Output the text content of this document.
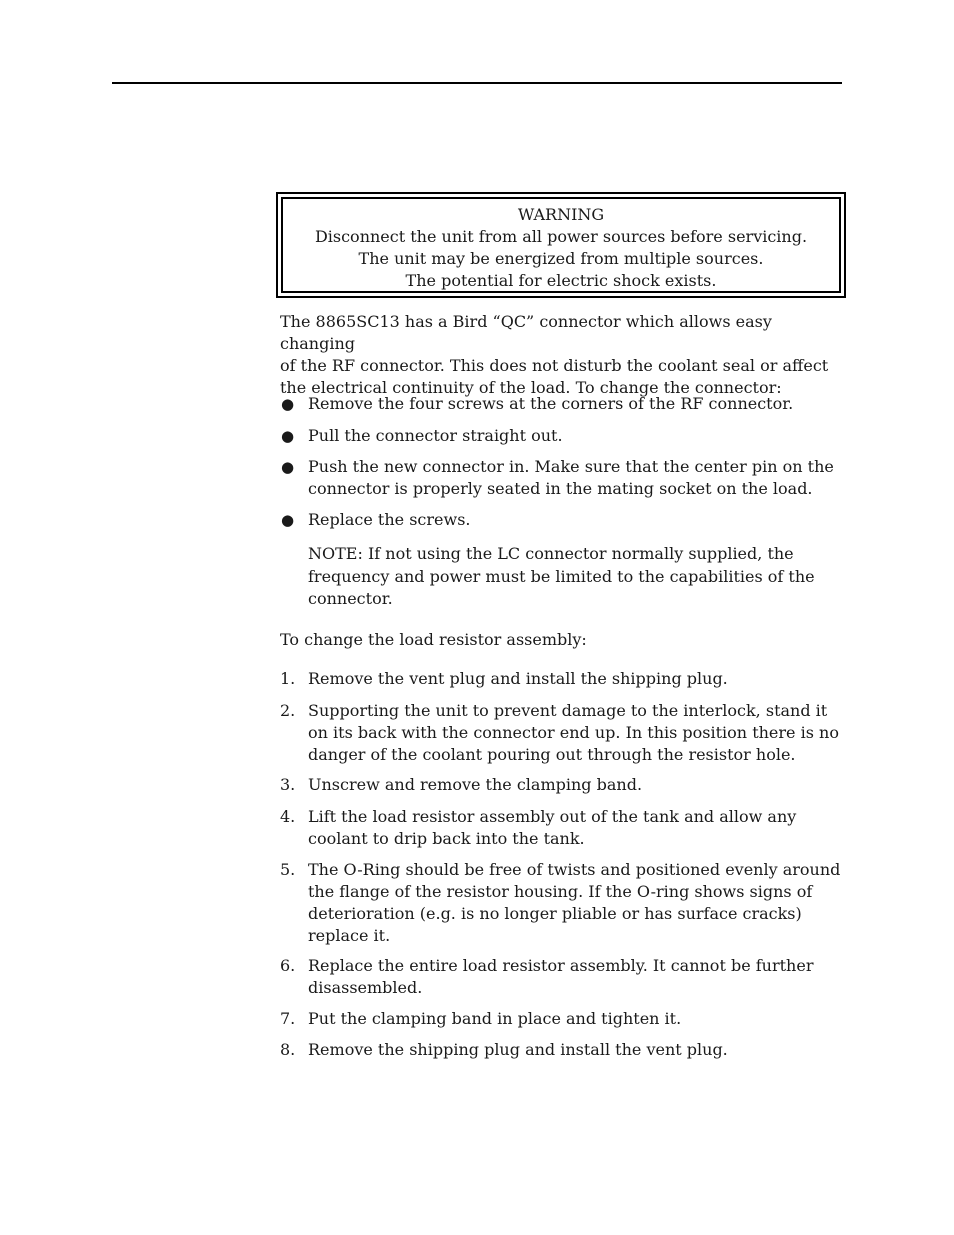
WARNING
Disconnect the unit from all power sources before servicing.
The unit may be energized from multiple sources.
The potential for electric shock exists.
The 8865SC13 has a Bird “QC” connector which allows easy changing
of the RF connector. This does not disturb the coolant seal or affect
the electrical continuity of the load. To change the connector:
● Remove the four screws at the corners of the RF connector.
● Pull the connector straight out.
● Push the new connector in. Make sure that the center pin on the
connector is properly seated in the mating socket on the load.
● Replace the screws.
NOTE: If not using the LC connector normally supplied, the
frequency and power must be limited to the capabilities of the
connector.
To change the load resistor assembly:
1. Remove the vent plug and install the shipping plug.
2. Supporting the unit to prevent damage to the interlock, stand it
on its back with the connector end up. In this position there is no
danger of the coolant pouring out through the resistor hole.
3. Unscrew and remove the clamping band.
4. Lift the load resistor assembly out of the tank and allow any
coolant to drip back into the tank.
5. The O-Ring should be free of twists and positioned evenly around
the flange of the resistor housing. If the O-ring shows signs of
deterioration (e.g. is no longer pliable or has surface cracks)
replace it.
6. Replace the entire load resistor assembly. It cannot be further
disassembled.
7. Put the clamping band in place and tighten it.
8. Remove the shipping plug and install the vent plug.
